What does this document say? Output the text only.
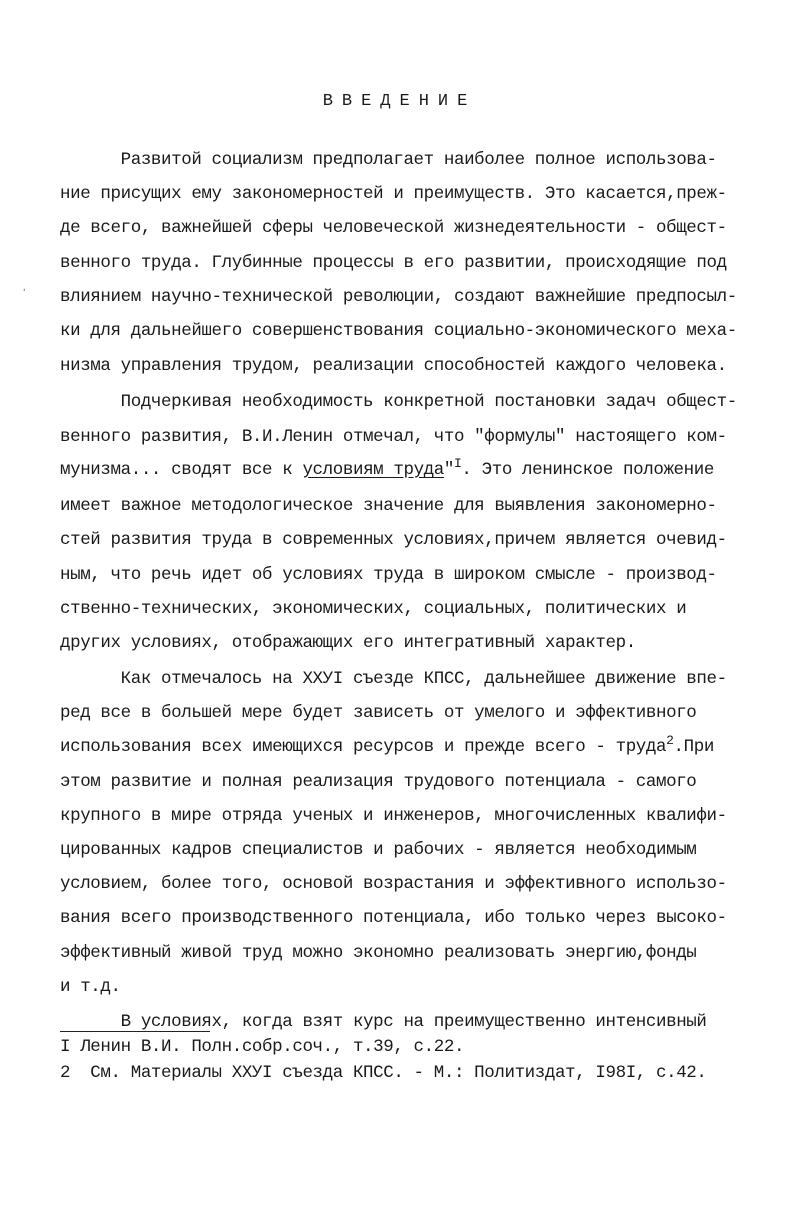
ВВЕДЕНИЕ
Развитой социализм предполагает наиболее полное использова-
ние присущих ему закономерностей и преимуществ. Это касается,преж-
де всего, важнейшей сферы человеческой жизнедеятельности - общест-
венного труда. Глубинные процессы в его развитии, происходящие под
влиянием научно-технической революции, создают важнейшие предпосыл-
ки для дальнейшего совершенствования социально-экономического меха-
низма управления трудом, реализации способностей каждого человека.
Подчеркивая необходимость конкретной постановки задач общест-
венного развития, В.И.Ленин отмечал, что "формулы" настоящего ком-
мунизма... сводят все к условиям труда"$^I$. Это ленинское положение
имеет важное методологическое значение для выявления закономерно-
стей развития труда в современных условиях,причем является очевид-
ным, что речь идет об условиях труда в широком смысле - производ-
ственно-технических, экономических, социальных, политических и
других условиях, отображающих его интегративный характер.
Как отмечалось на XXУI съезде КПСС, дальнейшее движение впе-
ред все в большей мере будет зависеть от умелого и эффективного
использования всех имеющихся ресурсов и прежде всего - труда$^2$.При
этом развитие и полная реализация трудового потенциала - самого
крупного в мире отряда ученых и инженеров, многочисленных квалифи-
цированных кадров специалистов и рабочих - является необходимым
условием, более того, основой возрастания и эффективного использо-
вания всего производственного потенциала, ибо только через высоко-
эффективный живой труд можно экономно реализовать энергию,фонды
и т.д.
В условиях, когда взят курс на преимущественно интенсивный
I Ленин В.И. Полн.собр.соч., т.39, с.22.
2  См. Материалы XXУI съезда КПСС. - М.: Политиздат, I98I, с.42.
ˈ
